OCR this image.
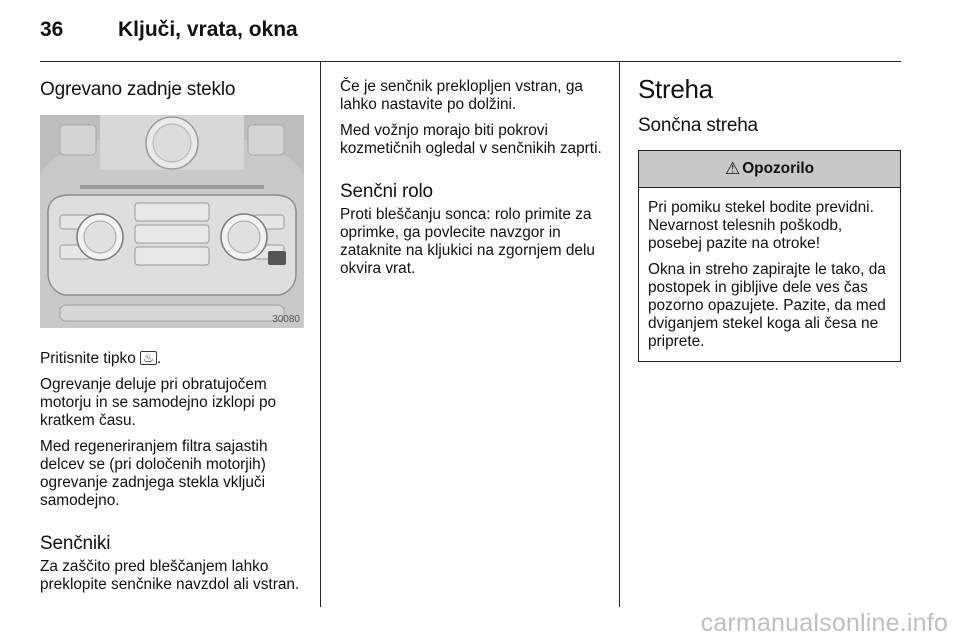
36	Ključi, vrata, okna
Ogrevano zadnje steklo
30080

Pritisnite tipko ♨ .

Ogrevanje deluje pri obratujočem motorju in se samodejno izklopi po kratkem času.

Med regeneriranjem filtra sajastih delcev se (pri določenih motorjih) ogrevanje zadnjega stekla vključi samodejno.

Senčniki

Za zaščito pred bleščanjem lahko preklopite senčnike navzdol ali vstran.

Če je senčnik preklopljen vstran, ga lahko nastavite po dolžini.

Med vožnjo morajo biti pokrovi kozmetičnih ogledal v senčnikih zaprti.

Senčni rolo

Proti bleščanju sonca: rolo primite za oprimke, ga povlecite navzgor in zataknite na kljukici na zgornjem delu okvira vrat.

Streha
Sončna streha
⚠ Opozorilo

Pri pomiku stekel bodite previdni. Nevarnost telesnih poškodb, posebej pazite na otroke!

Okna in streho zapirajte le tako, da postopek in gibljive dele ves čas pozorno opazujete. Pazite, da med dviganjem stekel koga ali česa ne priprete.

carmanualsonline.info
